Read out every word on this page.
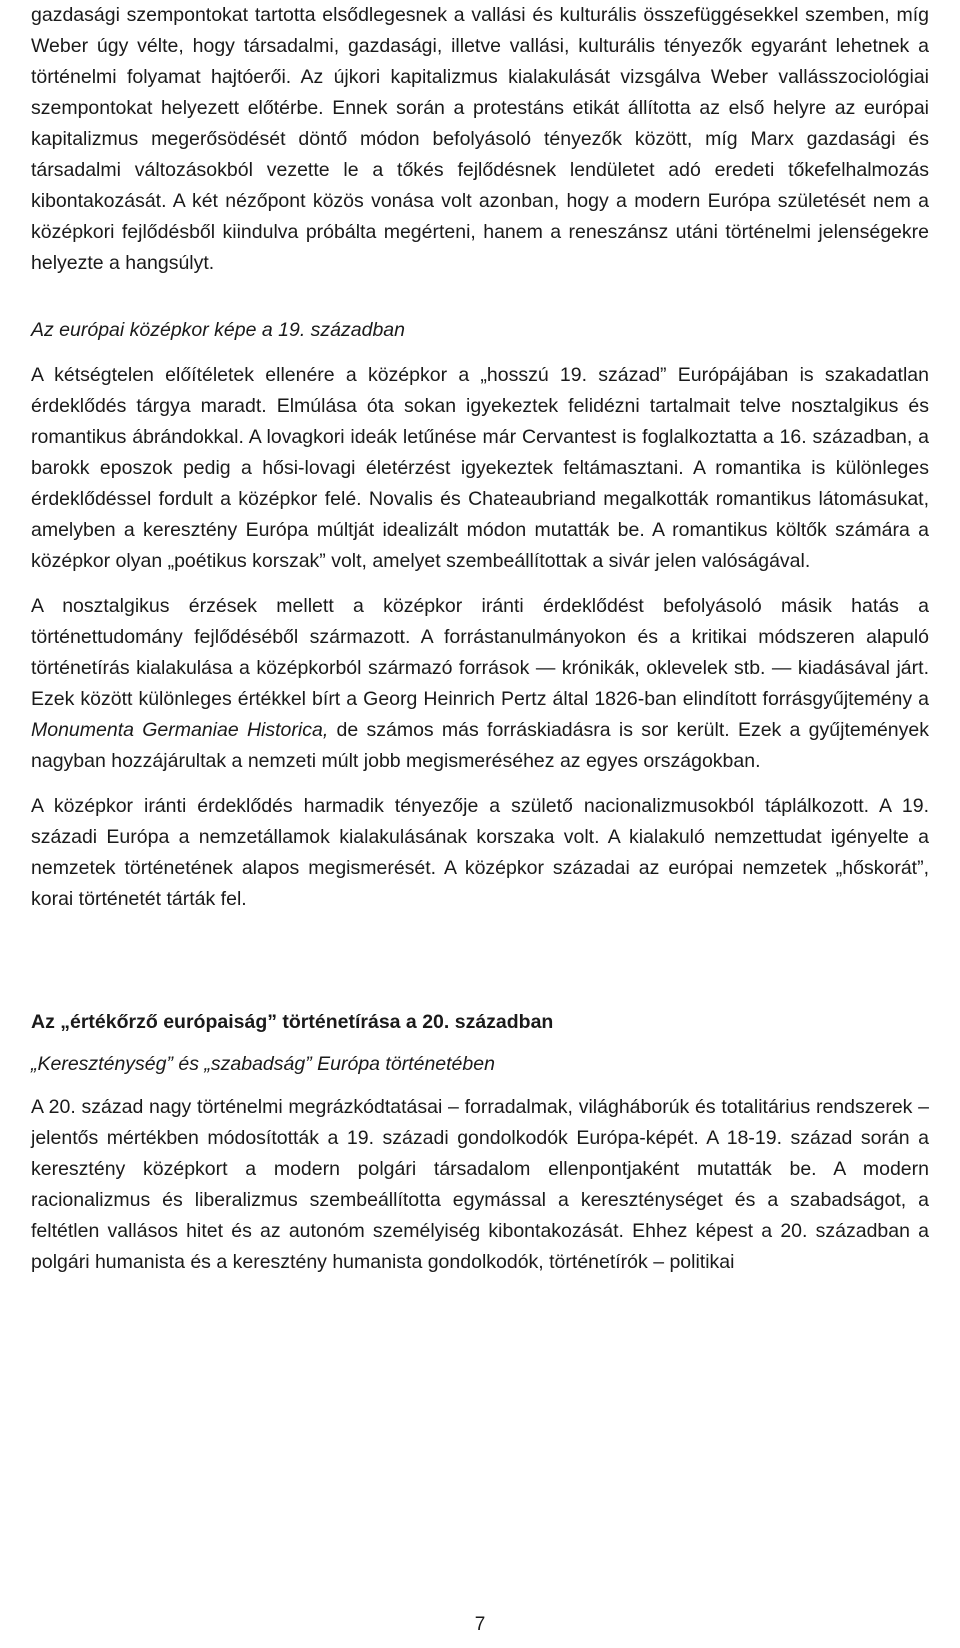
gazdasági szempontokat tartotta elsődlegesnek a vallási és kulturális összefüggésekkel szemben, míg Weber úgy vélte, hogy társadalmi, gazdasági, illetve vallási, kulturális tényezők egyaránt lehetnek a történelmi folyamat hajtóerői. Az újkori kapitalizmus kialakulását vizsgálva Weber vallásszociológiai szempontokat helyezett előtérbe. Ennek során a protestáns etikát állította az első helyre az európai kapitalizmus megerősödését döntő módon befolyásoló tényezők között, míg Marx gazdasági és társadalmi változásokból vezette le a tőkés fejlődésnek lendületet adó eredeti tőkefelhalmozás kibontakozását. A két nézőpont közös vonása volt azonban, hogy a modern Európa születését nem a középkori fejlődésből kiindulva próbálta megérteni, hanem a reneszánsz utáni történelmi jelenségekre helyezte a hangsúlyt.

Az európai középkor képe a 19. században

A kétségtelen előítéletek ellenére a középkor a „hosszú 19. század” Európájában is szakadatlan érdeklődés tárgya maradt. Elmúlása óta sokan igyekeztek felidézni tartalmait telve nosztalgikus és romantikus ábrándokkal. A lovagkori ideák letűnése már Cervantest is foglalkoztatta a 16. században, a barokk eposzok pedig a hősi-lovagi életérzést igyekeztek feltámasztani. A romantika is különleges érdeklődéssel fordult a középkor felé. Novalis és Chateaubriand megalkották romantikus látomásukat, amelyben a keresztény Európa múltját idealizált módon mutatták be. A romantikus költők számára a középkor olyan „poétikus korszak” volt, amelyet szembeállítottak a sivár jelen valóságával.

A nosztalgikus érzések mellett a középkor iránti érdeklődést befolyásoló másik hatás a történettudomány fejlődéséből származott. A forrástanulmányokon és a kritikai módszeren alapuló történetírás kialakulása a középkorból származó források — krónikák, oklevelek stb. — kiadásával járt. Ezek között különleges értékkel bírt a Georg Heinrich Pertz által 1826-ban elindított forrásgyűjtemény a Monumenta Germaniae Historica, de számos más forráskiadásra is sor került. Ezek a gyűjtemények nagyban hozzájárultak a nemzeti múlt jobb megismeréséhez az egyes országokban.

A középkor iránti érdeklődés harmadik tényezője a születő nacionalizmusokból táplálkozott. A 19. századi Európa a nemzetállamok kialakulásának korszaka volt. A kialakuló nemzettudat igényelte a nemzetek történetének alapos megismerését. A középkor századai az európai nemzetek „hőskorát”, korai történetét tárták fel.

Az „értékőrző európaiság” történetírása a 20. században

„Kereszténység” és „szabadság” Európa történetében

A 20. század nagy történelmi megrázkódtatásai – forradalmak, világháborúk és totalitárius rendszerek – jelentős mértékben módosították a 19. századi gondolkodók Európa-képét. A 18-19. század során a keresztény középkort a modern polgári társadalom ellenpontjaként mutatták be. A modern racionalizmus és liberalizmus szembeállította egymással a kereszténységet és a szabadságot, a feltétlen vallásos hitet és az autonóm személyiség kibontakozását. Ehhez képest a 20. században a polgári humanista és a keresztény humanista gondolkodók, történetírók – politikai

7
